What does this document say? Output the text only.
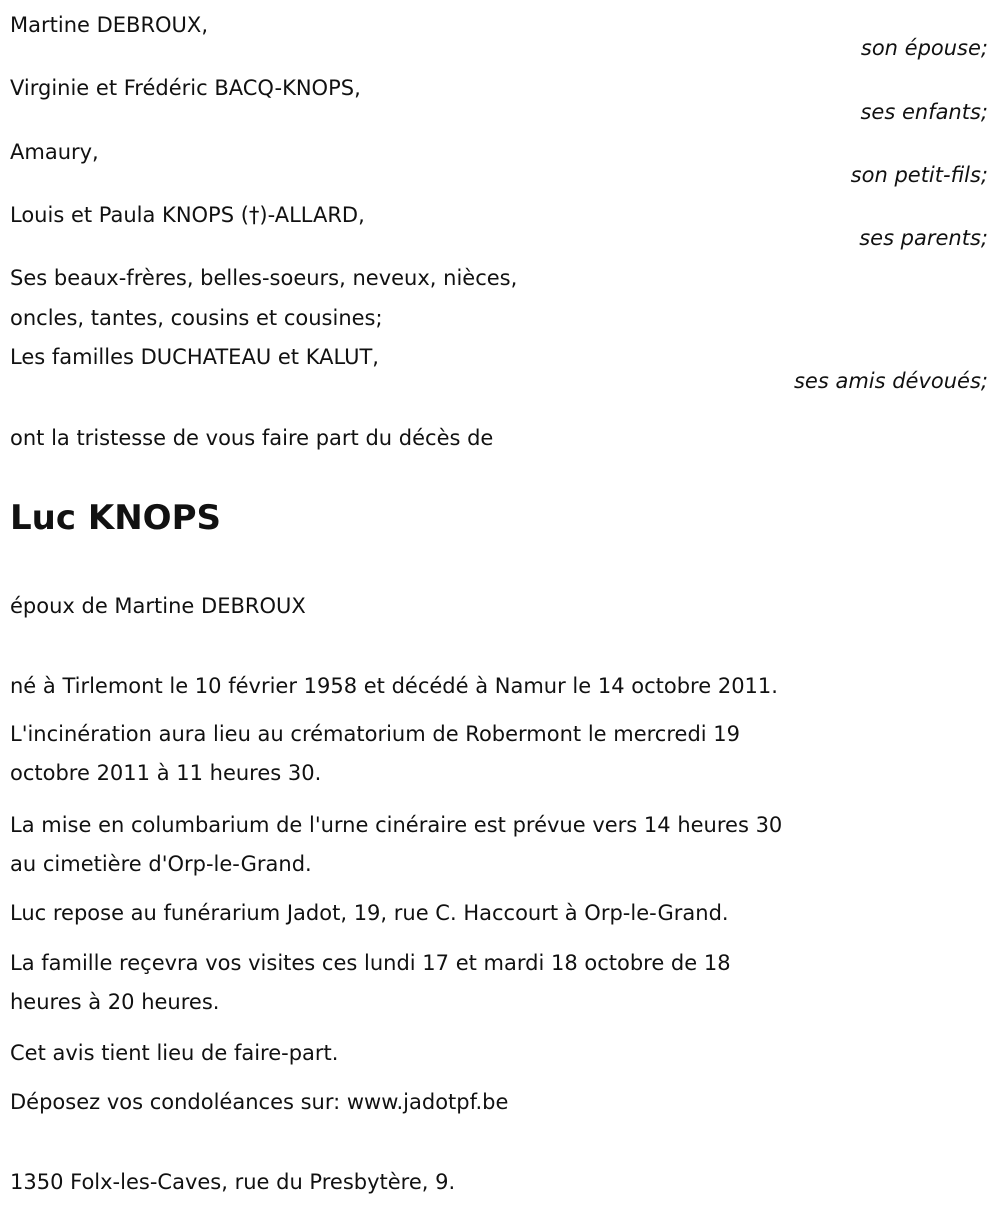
Martine DEBROUX,
son épouse;
Virginie et Frédéric BACQ-KNOPS,
ses enfants;
Amaury,
son petit-fils;
Louis et Paula KNOPS (†)-ALLARD,
ses parents;
Ses beaux-frères, belles-soeurs, neveux, nièces,
oncles, tantes, cousins et cousines;
Les familles DUCHATEAU et KALUT,
ses amis dévoués;
ont la tristesse de vous faire part du décès de
Luc KNOPS
époux de Martine DEBROUX
né à Tirlemont le 10 février 1958 et décédé à Namur le 14 octobre 2011.
L'incinération aura lieu au crématorium de Robermont le mercredi 19
octobre 2011 à 11 heures 30.
La mise en columbarium de l'urne cinéraire est prévue vers 14 heures 30
au cimetière d'Orp-le-Grand.
Luc repose au funérarium Jadot, 19, rue C. Haccourt à Orp-le-Grand.
La famille reçevra vos visites ces lundi 17 et mardi 18 octobre de 18
heures à 20 heures.
Cet avis tient lieu de faire-part.
Déposez vos condoléances sur: www.jadotpf.be
1350 Folx-les-Caves, rue du Presbytère, 9.
